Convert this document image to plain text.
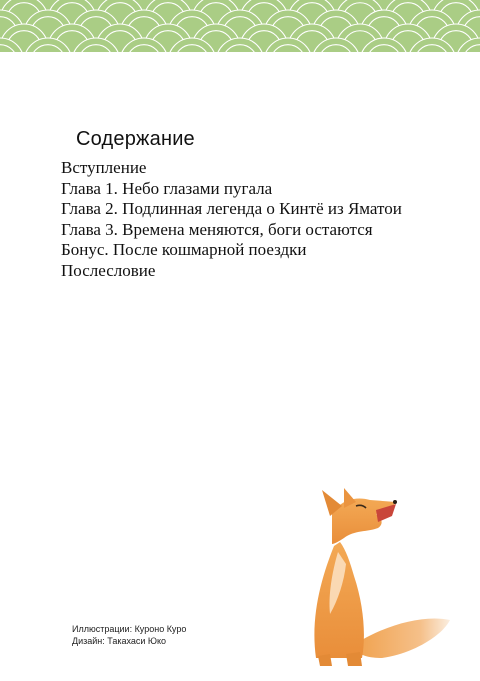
Содержание
Вступление
Глава 1. Небо глазами пугала
Глава 2. Подлинная легенда о Кинтё из Яматои
Глава 3. Времена меняются, боги остаются
Бонус. После кошмарной поездки
Послесловие
Иллюстрации: Куроно Куро
Дизайн: Такахаси Юко
